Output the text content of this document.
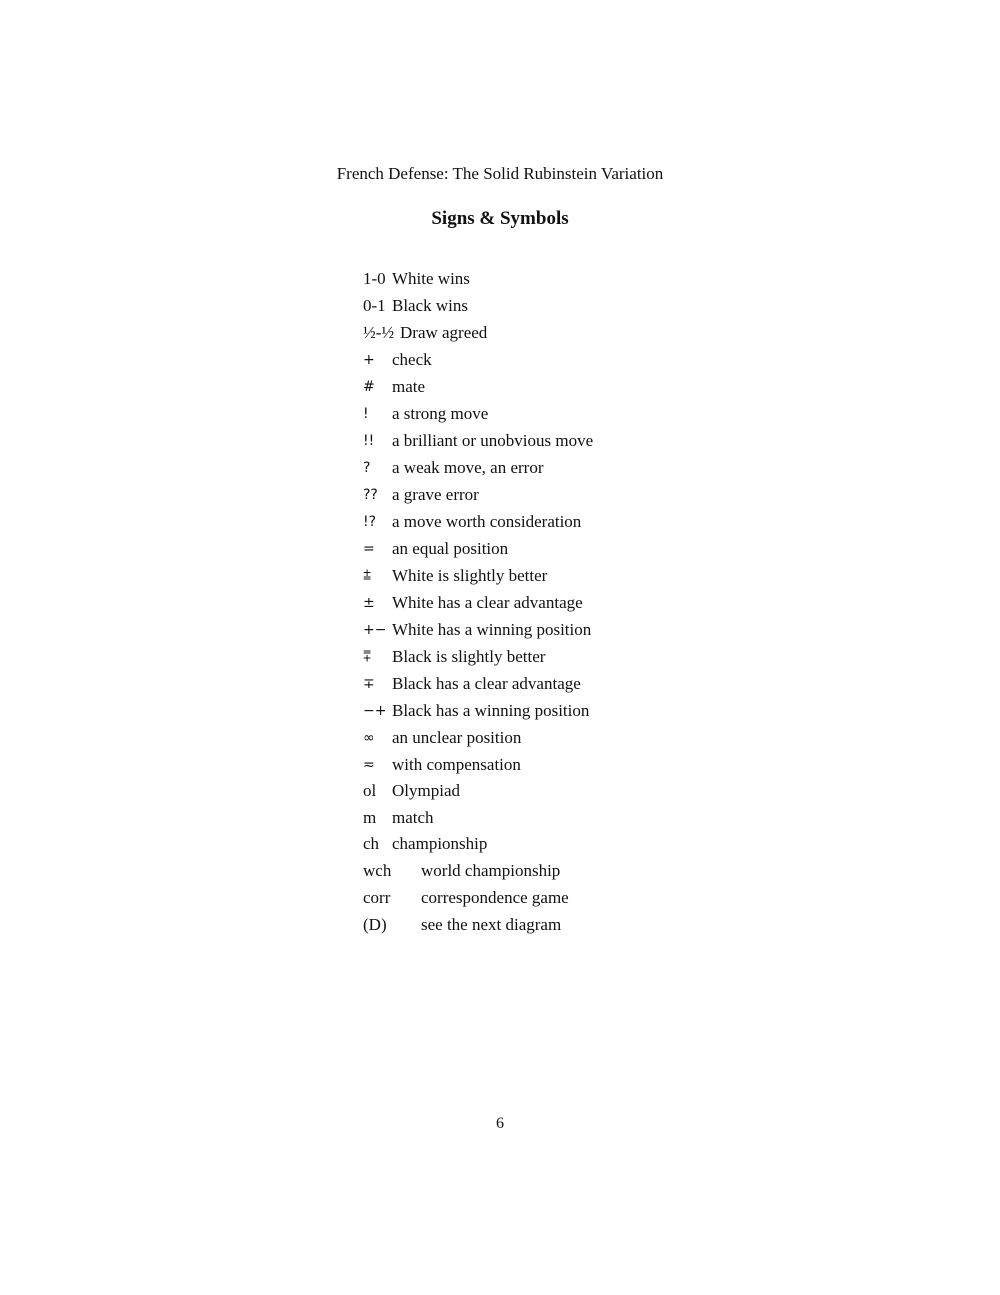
French Defense: The Solid Rubinstein Variation
Signs & Symbols
1-0 White wins
0-1 Black wins
½-½ Draw agreed
+ check
# mate
! a strong move
!! a brilliant or unobvious move
? a weak move, an error
?? a grave error
!? a move worth consideration
= an equal position
⩲ White is slightly better
± White has a clear advantage
+− White has a winning position
⩱ Black is slightly better
∓ Black has a clear advantage
−+ Black has a winning position
∞ an unclear position
≂ with compensation
ol Olympiad
m match
ch championship
wch world championship
corr correspondence game
(D) see the next diagram
6
